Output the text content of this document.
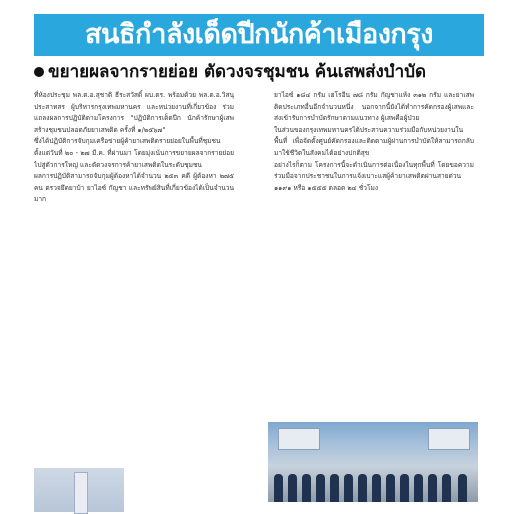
สนธิกำลังเด็ดปีกนักค้าเมืองกรุง
ขยายผลจากรายย่อย ตัดวงจรชุมชน ค้นเสพส่งบำบัด

ที่ห้องประชุม พล.ต.อ.สุชาติ ธีระสวัสดิ์ ผบ.ตร. พร้อมด้วย พล.ต.อ.วิสนุ ประสาทสร ผู้บริหารกรุงเทพมหานคร และหน่วยงานที่เกี่ยวข้อง ร่วมแถลงผลการปฏิบัติตามโครงการ "ปฏิบัติการเด็ดปีก นักค้ารักษาผู้เสพ สร้างชุมชนปลอดภัยยาเสพติด ครั้งที่ ๑/๒๕๖๗"

ซึ่งได้ปฏิบัติการจับกุมเครือข่ายผู้ค้ายาเสพติดรายย่อยในพื้นที่ชุมชน ตั้งแต่วันที่ ๒๐ - ๒๗ มี.ค. ที่ผ่านมา โดยมุ่งเน้นการขยายผลจากรายย่อยไปสู่ตัวการใหญ่ และตัดวงจรการค้ายาเสพติดในระดับชุมชน

ผลการปฏิบัติสามารถจับกุมผู้ต้องหาได้จำนวน ๒๕๓ คดี ผู้ต้องหา ๒๗๕ คน ตรวจยึดยาบ้า ยาไอซ์ กัญชา และทรัพย์สินที่เกี่ยวข้องได้เป็นจำนวนมาก

ยาไอซ์ ๑๘๔ กรัม เฮโรอีน ๗๘ กรัม กัญชาแห้ง ๓๑๒ กรัม และยาเสพติดประเภทอื่นอีกจำนวนหนึ่ง นอกจากนี้ยังได้ทำการคัดกรองผู้เสพและส่งเข้ารับการบำบัดรักษาตามแนวทาง ผู้เสพคือผู้ป่วย

ในส่วนของกรุงเทพมหานครได้ประสานความร่วมมือกับหน่วยงานในพื้นที่ เพื่อจัดตั้งศูนย์คัดกรองและติดตามผู้ผ่านการบำบัดให้สามารถกลับมาใช้ชีวิตในสังคมได้อย่างปกติสุข

อย่างไรก็ตาม โครงการนี้จะดำเนินการต่อเนื่องในทุกพื้นที่ โดยขอความร่วมมือจากประชาชนในการแจ้งเบาะแสผู้ค้ายาเสพติดผ่านสายด่วน ๑๑๙๑ หรือ ๑๕๕๕ ตลอด ๒๔ ชั่วโมง
